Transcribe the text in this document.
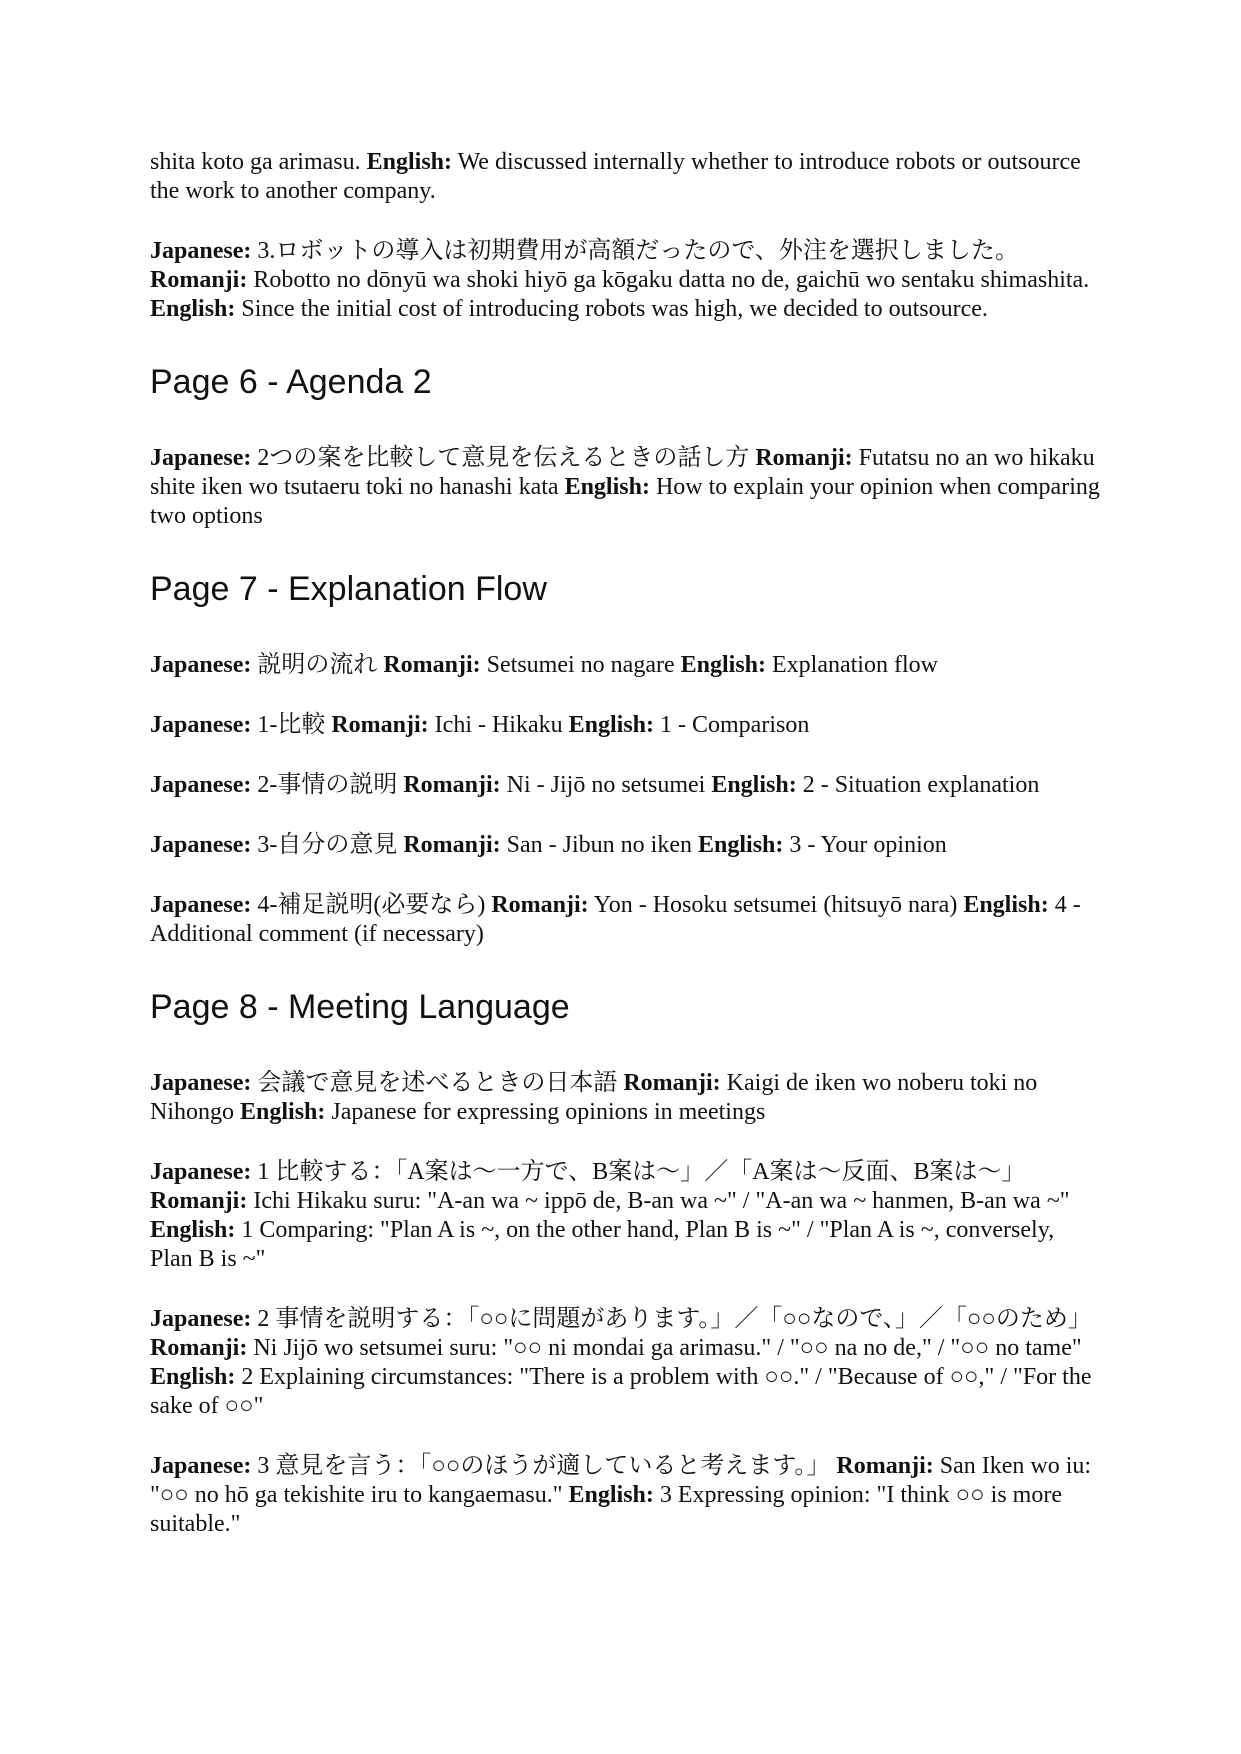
shita koto ga arimasu. English: We discussed internally whether to introduce robots or outsource the work to another company.

Japanese: 3.ロボットの導入は初期費用が高額だったので、外注を選択しました。 Romanji: Robotto no dōnyū wa shoki hiyō ga kōgaku datta no de, gaichū wo sentaku shimashita. English: Since the initial cost of introducing robots was high, we decided to outsource.

Page 6 - Agenda 2

Japanese: 2つの案を比較して意見を伝えるときの話し方 Romanji: Futatsu no an wo hikaku shite iken wo tsutaeru toki no hanashi kata English: How to explain your opinion when comparing two options

Page 7 - Explanation Flow

Japanese: 説明の流れ Romanji: Setsumei no nagare English: Explanation flow

Japanese: 1-比較 Romanji: Ichi - Hikaku English: 1 - Comparison

Japanese: 2-事情の説明 Romanji: Ni - Jijō no setsumei English: 2 - Situation explanation

Japanese: 3-自分の意見 Romanji: San - Jibun no iken English: 3 - Your opinion

Japanese: 4-補足説明(必要なら) Romanji: Yon - Hosoku setsumei (hitsuyō nara) English: 4 - Additional comment (if necessary)

Page 8 - Meeting Language

Japanese: 会議で意見を述べるときの日本語 Romanji: Kaigi de iken wo noberu toki no Nihongo English: Japanese for expressing opinions in meetings

Japanese: 1 比較する：「A案は〜一方で、B案は〜」／「A案は〜反面、B案は〜」 Romanji: Ichi Hikaku suru: "A-an wa ~ ippō de, B-an wa ~" / "A-an wa ~ hanmen, B-an wa ~" English: 1 Comparing: "Plan A is ~, on the other hand, Plan B is ~" / "Plan A is ~, conversely, Plan B is ~"

Japanese: 2 事情を説明する：「○○に問題があります。」／「○○なので、」／「○○のため」 Romanji: Ni Jijō wo setsumei suru: "○○ ni mondai ga arimasu." / "○○ na no de," / "○○ no tame" English: 2 Explaining circumstances: "There is a problem with ○○." / "Because of ○○," / "For the sake of ○○"

Japanese: 3 意見を言う：「○○のほうが適していると考えます。」 Romanji: San Iken wo iu: "○○ no hō ga tekishite iru to kangaemasu." English: 3 Expressing opinion: "I think ○○ is more suitable."
